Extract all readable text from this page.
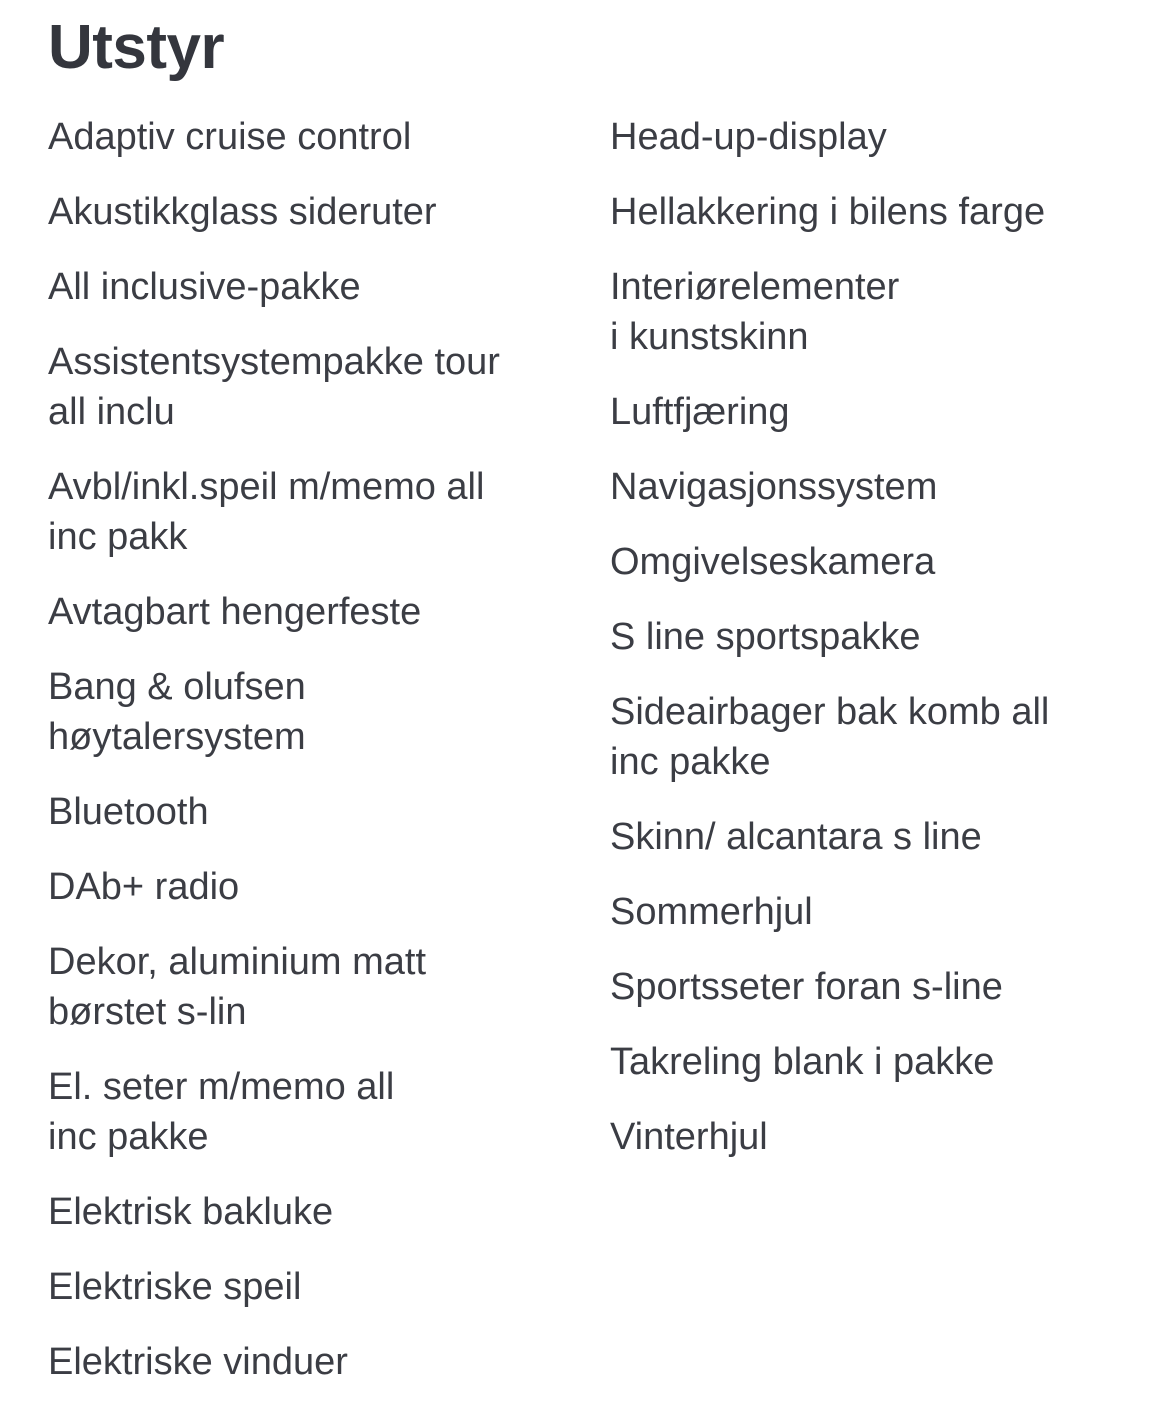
Utstyr
Adaptiv cruise control
Akustikkglass sideruter
All inclusive-pakke
Assistentsystempakke tour
all inclu
Avbl/inkl.speil m/memo all
inc pakk
Avtagbart hengerfeste
Bang & olufsen
høytalersystem
Bluetooth
DAb+ radio
Dekor, aluminium matt
børstet s-lin
El. seter m/memo all
inc pakke
Elektrisk bakluke
Elektriske speil
Elektriske vinduer
Head-up-display
Hellakkering i bilens farge
Interiørelementer
i kunstskinn
Luftfjæring
Navigasjonssystem
Omgivelseskamera
S line sportspakke
Sideairbager bak komb all
inc pakke
Skinn/ alcantara s line
Sommerhjul
Sportsseter foran s-line
Takreling blank i pakke
Vinterhjul
